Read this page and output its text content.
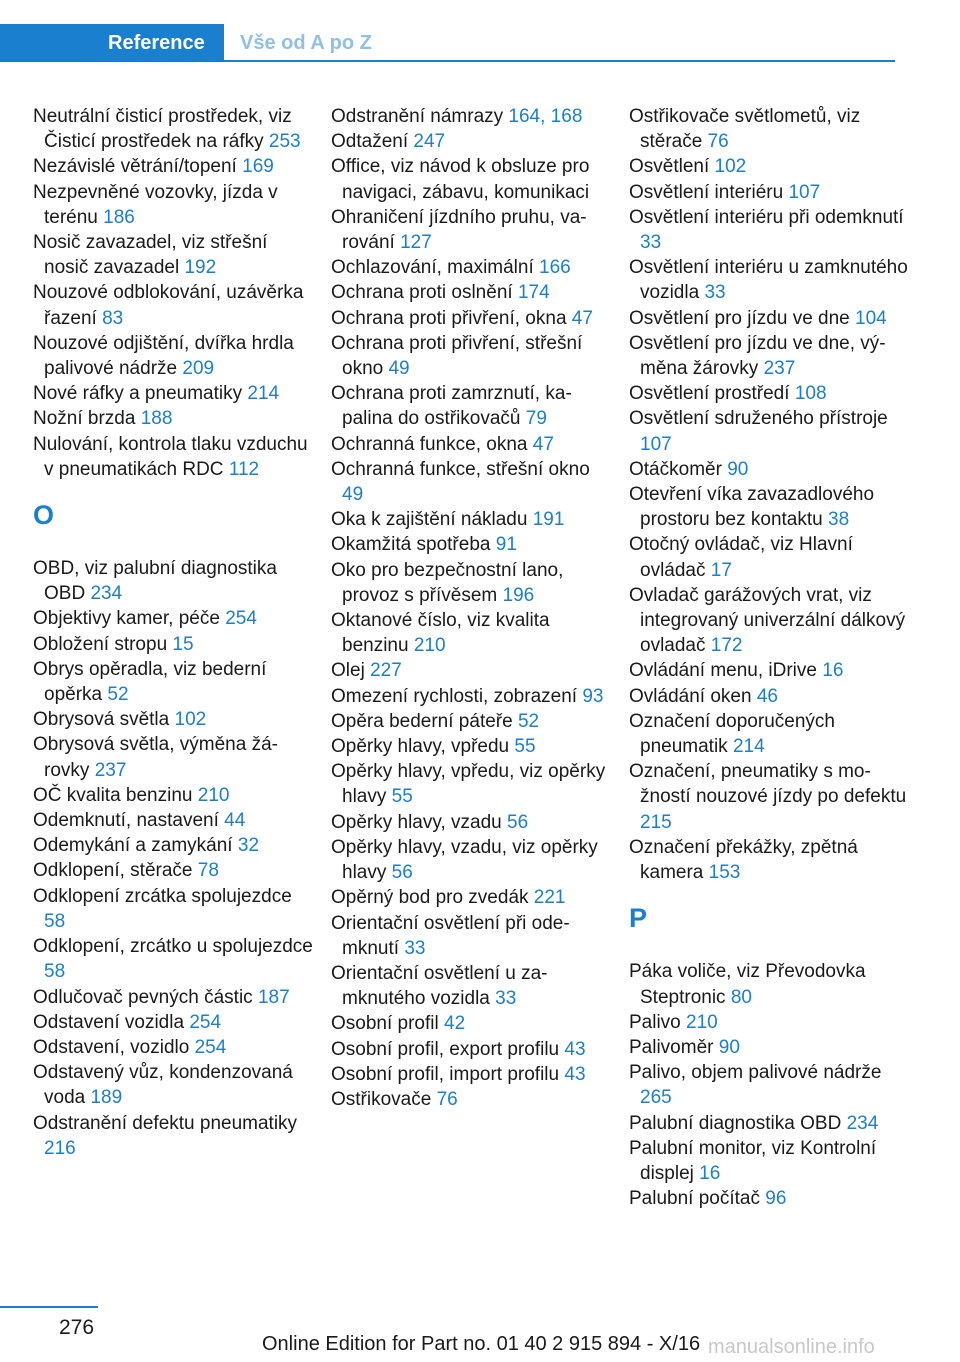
Reference	Vše od A po Z

Neutrální čisticí prostředek, viz Čisticí prostředek na ráfky 253

Nezávislé větrání/topení 169

Nezpevněné vozovky, jízda v terénu 186

Nosič zavazadel, viz střešní nosič zavazadel 192

Nouzové odblokování, uzávěrka řazení 83

Nouzové odjištění, dvířka hrdla palivové nádrže 209

Nové ráfky a pneumatiky 214

Nožní brzda 188

Nulování, kontrola tlaku vzduchu v pneumatikách RDC 112

O

OBD, viz palubní diagnostika OBD 234

Objektivy kamer, péče 254

Obložení stropu 15

Obrys opěradla, viz bederní opěrka 52

Obrysová světla 102

Obrysová světla, výměna žárovky 237

OČ kvalita benzinu 210

Odemknutí, nastavení 44

Odemykání a zamykání 32

Odklopení, stěrače 78

Odklopení zrcátka spolujezdce 58

Odklopení, zrcátko u spolujezdce 58

Odlučovač pevných částic 187

Odstavení vozidla 254

Odstavení, vozidlo 254

Odstavený vůz, kondenzovaná voda 189

Odstranění defektu pneumatiky 216

Odstranění námrazy 164, 168

Odtažení 247

Office, viz návod k obsluze pro navigaci, zábavu, komunikaci

Ohraničení jízdního pruhu, varování 127

Ochlazování, maximální 166

Ochrana proti oslnění 174

Ochrana proti přivření, okna 47

Ochrana proti přivření, střešní okno 49

Ochrana proti zamrznutí, kapalina do ostřikovačů 79

Ochranná funkce, okna 47

Ochranná funkce, střešní okno 49

Oka k zajištění nákladu 191

Okamžitá spotřeba 91

Oko pro bezpečnostní lano, provoz s přívěsem 196

Oktanové číslo, viz kvalita benzinu 210

Olej 227

Omezení rychlosti, zobrazení 93

Opěra bederní páteře 52

Opěrky hlavy, vpředu 55

Opěrky hlavy, vpředu, viz opěrky hlavy 55

Opěrky hlavy, vzadu 56

Opěrky hlavy, vzadu, viz opěrky hlavy 56

Opěrný bod pro zvedák 221

Orientační osvětlení při odemknutí 33

Orientační osvětlení u zamknutého vozidla 33

Osobní profil 42

Osobní profil, export profilu 43

Osobní profil, import profilu 43

Ostřikovače 76

Ostřikovače světlometů, viz stěrače 76

Osvětlení 102

Osvětlení interiéru 107

Osvětlení interiéru při odemknutí 33

Osvětlení interiéru u zamknutého vozidla 33

Osvětlení pro jízdu ve dne 104

Osvětlení pro jízdu ve dne, výměna žárovky 237

Osvětlení prostředí 108

Osvětlení sdruženého přístroje 107

Otáčkoměr 90

Otevření víka zavazadlového prostoru bez kontaktu 38

Otočný ovládač, viz Hlavní ovládač 17

Ovladač garážových vrat, viz integrovaný univerzální dálkový ovladač 172

Ovládání menu, iDrive 16

Ovládání oken 46

Označení doporučených pneumatik 214

Označení, pneumatiky s možností nouzové jízdy po defektu 215

Označení překážky, zpětná kamera 153

P

Páka voliče, viz Převodovka Steptronic 80

Palivo 210

Palivoměr 90

Palivo, objem palivové nádrže 265

Palubní diagnostika OBD 234

Palubní monitor, viz Kontrolní displej 16

Palubní počítač 96

276
Online Edition for Part no. 01 40 2 915 894 - X/16 manualsonline.info
